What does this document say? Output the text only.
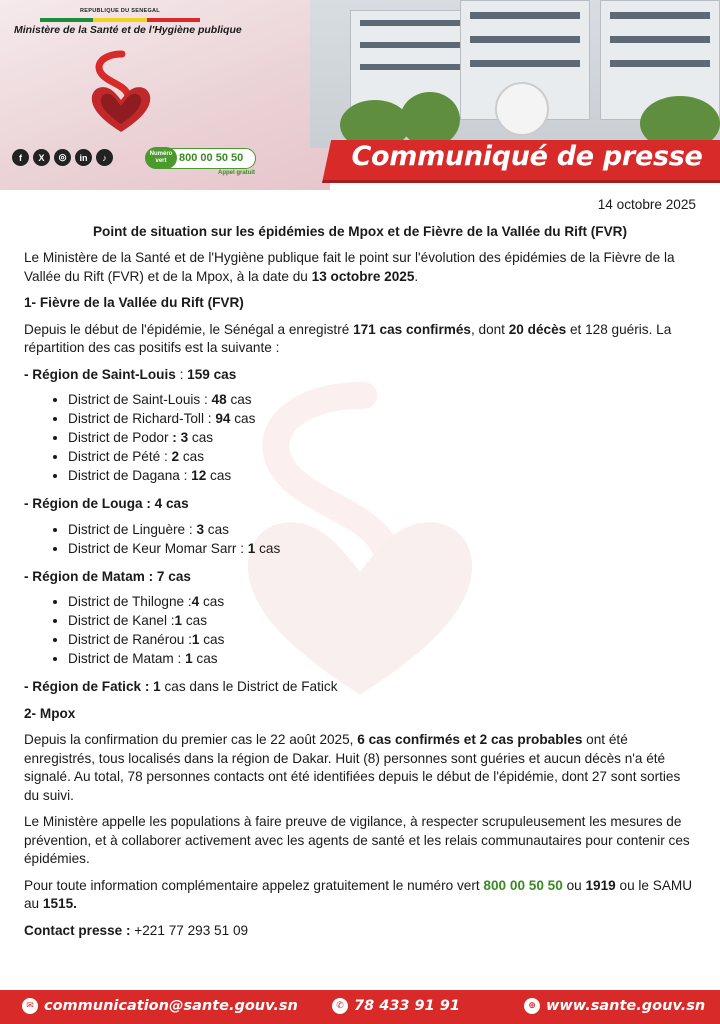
REPUBLIQUE DU SENEGAL
Ministère de la Santé et de l'Hygiène publique
f	X	◎	in	♪	Numéro vert	800 00 50 50
Appel gratuit
Communiqué de presse
14 octobre 2025
Point de situation sur les épidémies de Mpox et de Fièvre de la Vallée du Rift (FVR)

Le Ministère de la Santé et de l'Hygiène publique fait le point sur l'évolution des épidémies de la Fièvre de la Vallée du Rift (FVR) et de la Mpox, à la date du 13 octobre 2025.

1- Fièvre de la Vallée du Rift (FVR)

Depuis le début de l'épidémie, le Sénégal a enregistré 171 cas confirmés, dont 20 décès et 128 guéris. La répartition des cas positifs est la suivante :

- Région de Saint-Louis : 159 cas
• District de Saint-Louis : 48 cas
• District de Richard-Toll : 94 cas
• District de Podor : 3 cas
• District de Pété : 2 cas
• District de Dagana : 12 cas
- Région de Louga : 4 cas
• District de Linguère : 3 cas
• District de Keur Momar Sarr : 1 cas
- Région de Matam : 7 cas
• District de Thilogne :4 cas
• District de Kanel :1 cas
• District de Ranérou :1 cas
• District de Matam : 1 cas

- Région de Fatick : 1 cas dans le District de Fatick

2- Mpox

Depuis la confirmation du premier cas le 22 août 2025, 6 cas confirmés et 2 cas probables ont été enregistrés, tous localisés dans la région de Dakar. Huit (8) personnes sont guéries et aucun décès n'a été signalé. Au total, 78 personnes contacts ont été identifiées depuis le début de l'épidémie, dont 27 sont sorties du suivi.

Le Ministère appelle les populations à faire preuve de vigilance, à respecter scrupuleusement les mesures de prévention, et à collaborer activement avec les agents de santé et les relais communautaires pour contenir ces épidémies.

Pour toute information complémentaire appelez gratuitement le numéro vert 800 00 50 50 ou 1919 ou le SAMU au 1515.

Contact presse : +221 77 293 51 09

✉ communication@sante.gouv.sn	✆ 78 433 91 91	⊕ www.sante.gouv.sn
